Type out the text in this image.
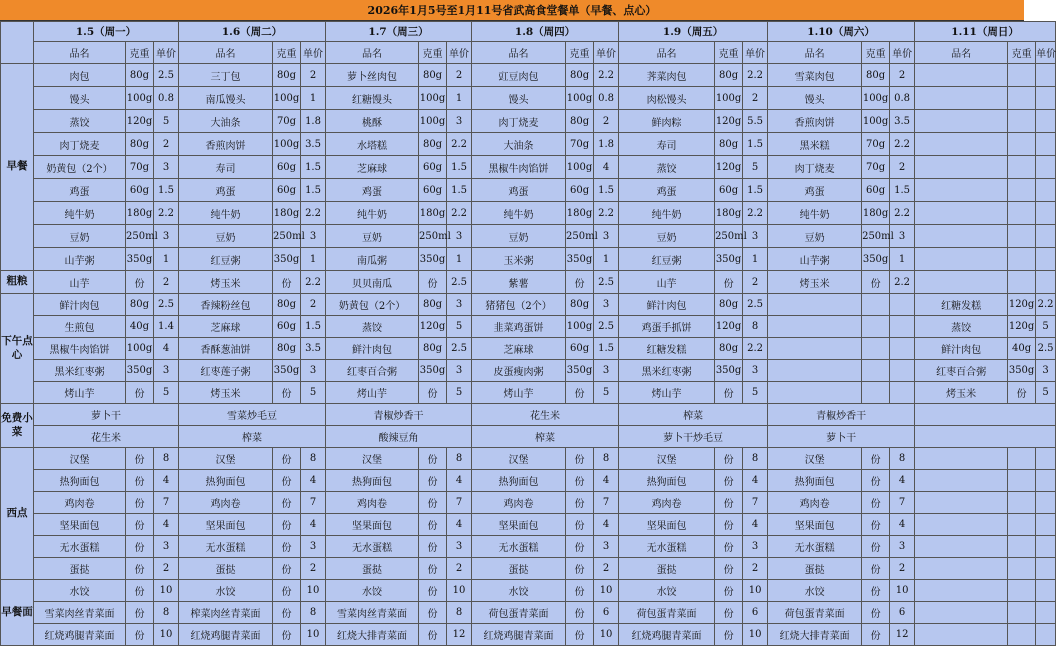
2026年1月5号至1月11号省武高食堂餐单（早餐、点心）
	1.5（周一）			1.6（周二）			1.7（周三）			1.8（周四）			1.9（周五）			1.10（周六）			1.11（周日）		
	品名	克重	单价	品名	克重	单价	品名	克重	单价	品名	克重	单价	品名	克重	单价	品名	克重	单价	品名	克重	单价
早餐	肉包	80g	2.5	三丁包	80g	2	萝卜丝肉包	80g	2	豇豆肉包	80g	2.2	荠菜肉包	80g	2.2	雪菜肉包	80g	2			
	馒头	100g	0.8	南瓜馒头	100g	1	红糖馒头	100g	1	馒头	100g	0.8	肉松馒头	100g	2	馒头	100g	0.8			
	蒸饺	120g	5	大油条	70g	1.8	桃酥	100g	3	肉丁烧麦	80g	2	鲜肉粽	120g	5.5	香煎肉饼	100g	3.5			
	肉丁烧麦	80g	2	香煎肉饼	100g	3.5	水塔糕	80g	2.2	大油条	70g	1.8	寿司	80g	1.5	黑米糕	70g	2.2			
	奶黄包（2个）	70g	3	寿司	60g	1.5	芝麻球	60g	1.5	黑椒牛肉馅饼	100g	4	蒸饺	120g	5	肉丁烧麦	70g	2			
	鸡蛋	60g	1.5	鸡蛋	60g	1.5	鸡蛋	60g	1.5	鸡蛋	60g	1.5	鸡蛋	60g	1.5	鸡蛋	60g	1.5			
	纯牛奶	180g	2.2	纯牛奶	180g	2.2	纯牛奶	180g	2.2	纯牛奶	180g	2.2	纯牛奶	180g	2.2	纯牛奶	180g	2.2			
	豆奶	250ml	3	豆奶	250ml	3	豆奶	250ml	3	豆奶	250ml	3	豆奶	250ml	3	豆奶	250ml	3			
	山芋粥	350g	1	红豆粥	350g	1	南瓜粥	350g	1	玉米粥	350g	1	红豆粥	350g	1	山芋粥	350g	1			
粗粮	山芋	份	2	烤玉米	份	2.2	贝贝南瓜	份	2.5	紫薯	份	2.5	山芋	份	2	烤玉米	份	2.2			
下午点心	鲜汁肉包	80g	2.5	香辣粉丝包	80g	2	奶黄包（2个）	80g	3	猪猪包（2个）	80g	3	鲜汁肉包	80g	2.5				红糖发糕	120g	2.2
	生煎包	40g	1.4	芝麻球	60g	1.5	蒸饺	120g	5	韭菜鸡蛋饼	100g	2.5	鸡蛋手抓饼	120g	8				蒸饺	120g	5
	黑椒牛肉馅饼	100g	4	香酥葱油饼	80g	3.5	鲜汁肉包	80g	2.5	芝麻球	60g	1.5	红糖发糕	80g	2.2				鲜汁肉包	40g	2.5
	黑米红枣粥	350g	3	红枣莲子粥	350g	3	红枣百合粥	350g	3	皮蛋瘦肉粥	350g	3	黑米红枣粥	350g	3				红枣百合粥	350g	3
	烤山芋	份	5	烤玉米	份	5	烤山芋	份	5	烤山芋	份	5	烤山芋	份	5				烤玉米	份	5
免费小菜	萝卜干			雪菜炒毛豆			青椒炒香干			花生米			榨菜			青椒炒香干					
	花生米			榨菜			酸辣豆角			榨菜			萝卜干炒毛豆			萝卜干					
西点	汉堡	份	8	汉堡	份	8	汉堡	份	8	汉堡	份	8	汉堡	份	8	汉堡	份	8			
	热狗面包	份	4	热狗面包	份	4	热狗面包	份	4	热狗面包	份	4	热狗面包	份	4	热狗面包	份	4			
	鸡肉卷	份	7	鸡肉卷	份	7	鸡肉卷	份	7	鸡肉卷	份	7	鸡肉卷	份	7	鸡肉卷	份	7			
	坚果面包	份	4	坚果面包	份	4	坚果面包	份	4	坚果面包	份	4	坚果面包	份	4	坚果面包	份	4			
	无水蛋糕	份	3	无水蛋糕	份	3	无水蛋糕	份	3	无水蛋糕	份	3	无水蛋糕	份	3	无水蛋糕	份	3			
	蛋挞	份	2	蛋挞	份	2	蛋挞	份	2	蛋挞	份	2	蛋挞	份	2	蛋挞	份	2			
早餐面	水饺	份	10	水饺	份	10	水饺	份	10	水饺	份	10	水饺	份	10	水饺	份	10			
	雪菜肉丝青菜面	份	8	榨菜肉丝青菜面	份	8	雪菜肉丝青菜面	份	8	荷包蛋青菜面	份	6	荷包蛋青菜面	份	6	荷包蛋青菜面	份	6			
	红烧鸡腿青菜面	份	10	红烧鸡腿青菜面	份	10	红烧大排青菜面	份	12	红烧鸡腿青菜面	份	10	红烧鸡腿青菜面	份	10	红烧大排青菜面	份	12			
